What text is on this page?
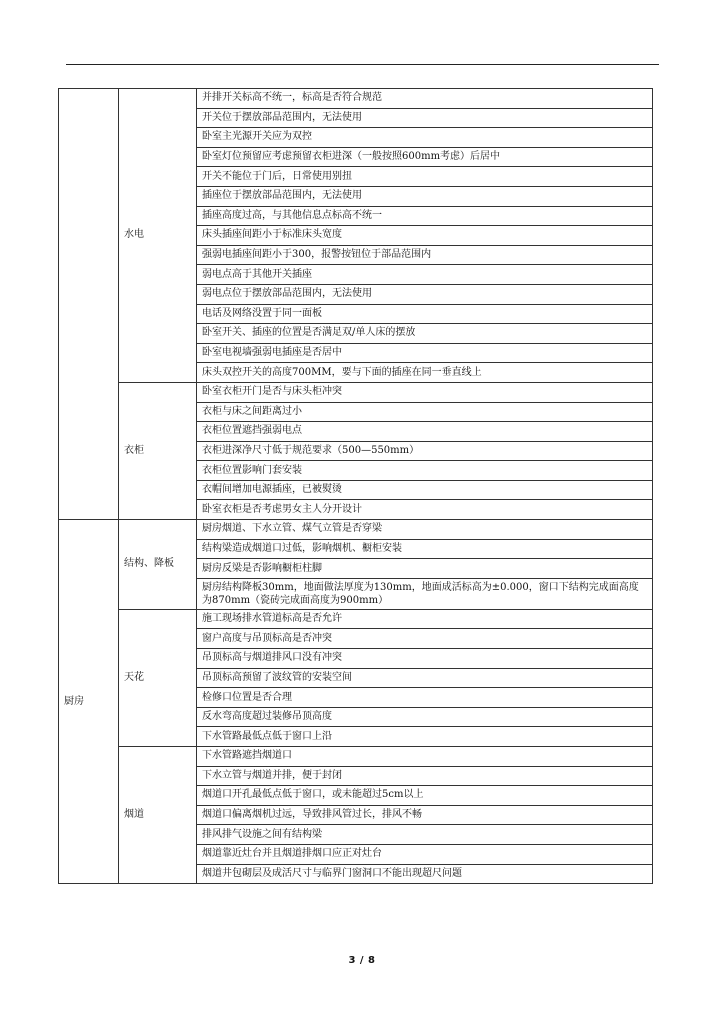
	水电	并排开关标高不统一，标高是否符合规范
		开关位于摆放部品范围内，无法使用
		卧室主光源开关应为双控
		卧室灯位预留应考虑预留衣柜进深（一般按照600mm考虑）后居中
		开关不能位于门后，日常使用别扭
		插座位于摆放部品范围内，无法使用
		插座高度过高，与其他信息点标高不统一
		床头插座间距小于标准床头宽度
		强弱电插座间距小于300，报警按钮位于部品范围内
		弱电点高于其他开关插座
		弱电点位于摆放部品范围内，无法使用
		电话及网络没置于同一面板
		卧室开关、插座的位置是否满足双/单人床的摆放
		卧室电视墙强弱电插座是否居中
		床头双控开关的高度700MM，要与下面的插座在同一垂直线上
	衣柜	卧室衣柜开门是否与床头柜冲突
		衣柜与床之间距离过小
		衣柜位置遮挡强弱电点
		衣柜进深净尺寸低于规范要求（500—550mm）
		衣柜位置影响门套安装
		衣帽间增加电源插座，已被熨烫
		卧室衣柜是否考虑男女主人分开设计
厨房	结构、降板	厨房烟道、下水立管、煤气立管是否穿梁
		结构梁造成烟道口过低，影响烟机、橱柜安装
		厨房反梁是否影响橱柜柱脚
		厨房结构降板30mm，地面做法厚度为130mm，地面成活标高为±0.000，窗口下结构完成面高度为870mm（瓷砖完成面高度为900mm）
	天花	施工现场排水管道标高是否允许
		窗户高度与吊顶标高是否冲突
		吊顶标高与烟道排风口没有冲突
		吊顶标高预留了波纹管的安装空间
		检修口位置是否合理
		反水弯高度超过装修吊顶高度
		下水管路最低点低于窗口上沿
	烟道	下水管路遮挡烟道口
		下水立管与烟道并排，便于封闭
		烟道口开孔最低点低于窗口，或未能超过5cm以上
		烟道口偏离烟机过远，导致排风管过长，排风不畅
		排风排气设施之间有结构梁
		烟道靠近灶台并且烟道排烟口应正对灶台
		烟道井包砌层及成活尺寸与临界门窗洞口不能出现超尺问题
3 / 8
